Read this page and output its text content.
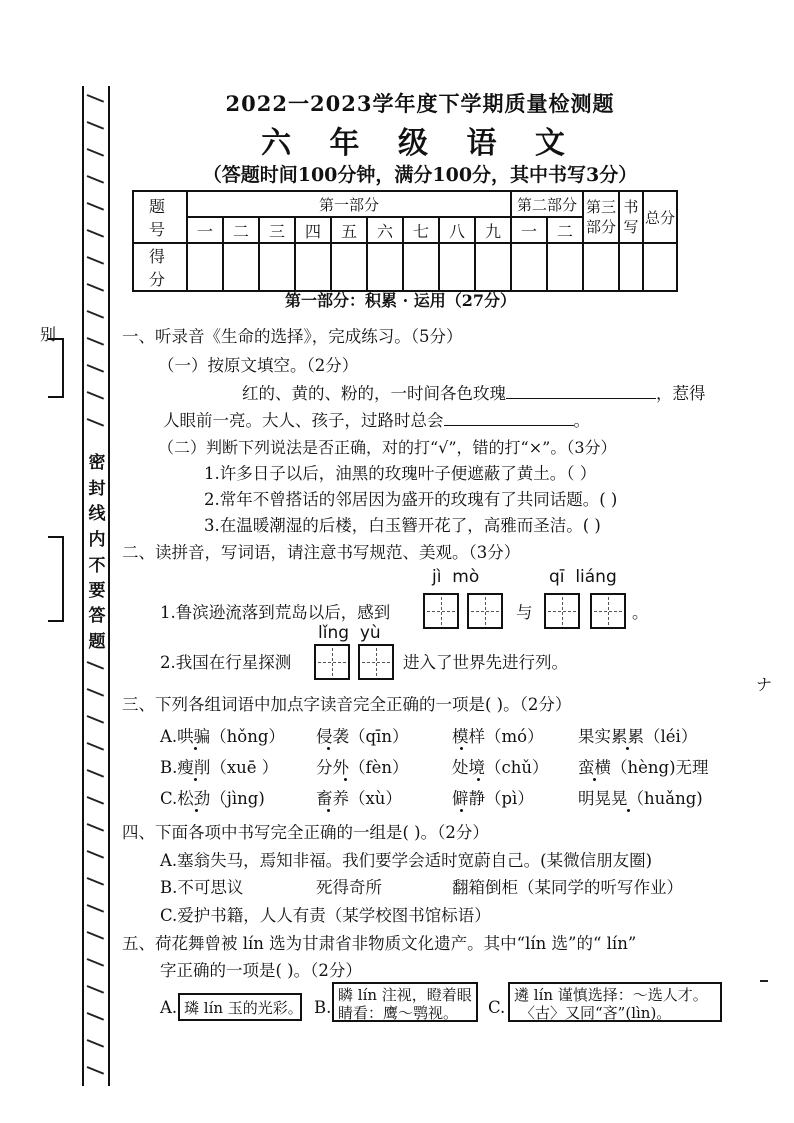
别
密
封
线
内
不
要
答
题
2022一2023学年度下学期质量检测题
六 年 级 语 文
（答题时间100分钟，满分100分，其中书写3分）
题 号	第一部分									第二部分		第三部分	书写	总分
	一	二	三	四	五	六	七	八	九	一	二			
得 分														
第一部分：积累 · 运用（27分）
一、听录音《生命的选择》，完成练习。（5分）
（一）按原文填空。（2分）
红的、黄的、粉的，一时间各色玫瑰	，惹得
人眼前一亮。大人、孩子，过路时总会	。
（二）判断下列说法是否正确，对的打“√”，错的打“×”。（3分）
1.许多日子以后，油黑的玫瑰叶子便遮蔽了黄土。（ ）
2.常年不曾搭话的邻居因为盛开的玫瑰有了共同话题。( )
3.在温暖潮湿的后楼，白玉簪开花了，高雅而圣洁。( )
二、读拼音，写词语，请注意书写规范、美观。（3分）
jì  mò	qī  liáng
1.鲁滨逊流落到荒岛以后，感到	与	。
lǐng  yù
2.我国在行星探测	进入了世界先进行列。
三、下列各组词语中加点字读音完全正确的一项是( )。（2分）
A.哄骗（hǒng） 侵袭（qīn）	模样（mó） 果实累累（léi）
B.瘦削（xuē ） 分外（fèn）	处境（chǔ） 蛮横（hèng)无理
C.松劲（jìng)	畜养（xù）	僻静（pì）	明晃晃（huǎng)
四、下面各项中书写完全正确的一组是( )。（2分）
A.塞翁失马，焉知非福。我们要学会适时宽蔚自己。(某微信朋友圈)
B.不可思议	死得奇所	翻箱倒柜（某同学的听写作业）
C.爱护书籍，人人有责（某学校图书馆标语）
五、荷花舞曾被 lín 选为甘肃省非物质文化遗产。其中“lín 选”的“ lín”
字正确的一项是( )。（2分）
A. 璘 lín 玉的光彩。 B.
瞵 lín 注视，瞪着眼
睛看：鹰～鹗视。	C.
遴 lín 谨慎选择：～选人才。
〈古〉又同“吝”(lìn)。
ナ
